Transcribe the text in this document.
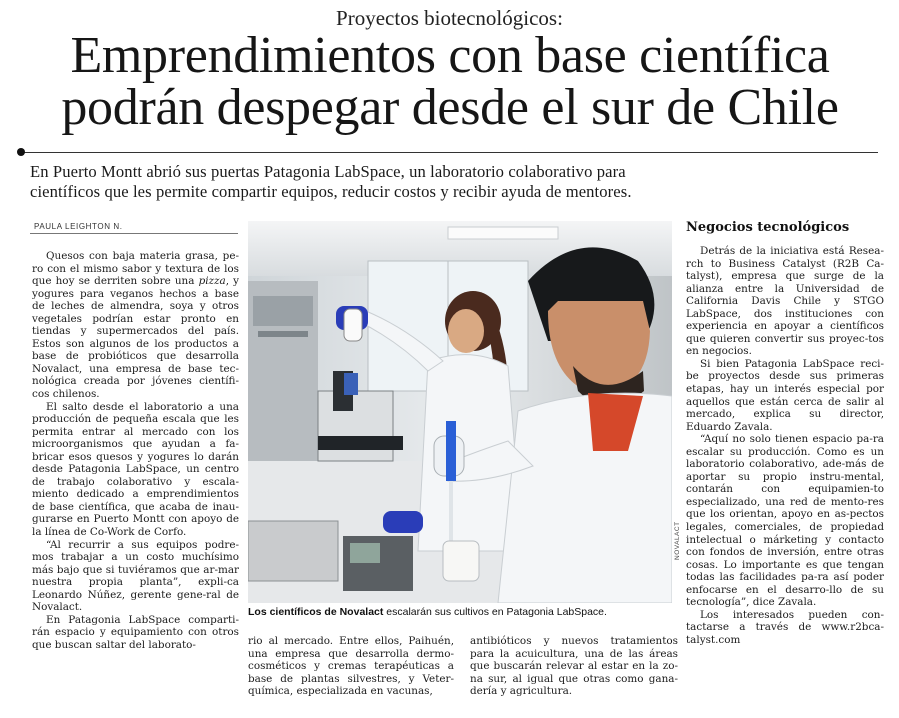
Proyectos biotecnológicos:
Emprendimientos con base científica
podrán despegar desde el sur de Chile
En Puerto Montt abrió sus puertas Patagonia LabSpace, un laboratorio colaborativo para
científicos que les permite compartir equipos, reducir costos y recibir ayuda de mentores.
PAULA LEIGHTON N.

Quesos con baja materia grasa, pe-ro con el mismo sabor y textura de los que hoy se derriten sobre una pizza, y yogures para veganos hechos a base de leches de almendra, soya y otros vegetales podrían estar pronto en tiendas y supermercados del país. Estos son algunos de los productos a base de probióticos que desarrolla Novalact, una empresa de base tec-nológica creada por jóvenes científi-cos chilenos.

El salto desde el laboratorio a una producción de pequeña escala que les permita entrar al mercado con los microorganismos que ayudan a fa-bricar esos quesos y yogures lo darán desde Patagonia LabSpace, un centro de trabajo colaborativo y escala-miento dedicado a emprendimientos de base científica, que acaba de inau-gurarse en Puerto Montt con apoyo de la línea de Co-Work de Corfo.

“Al recurrir a sus equipos podre-mos trabajar a un costo muchísimo más bajo que si tuviéramos que ar-mar nuestra propia planta”, expli-ca Leonardo Núñez, gerente gene-ral de Novalact.

En Patagonia LabSpace comparti-rán espacio y equipamiento con otros que buscan saltar del laborato-

NOVALACT
Los científicos de Novalact escalarán sus cultivos en Patagonia LabSpace.

rio al mercado. Entre ellos, Paihuén, una empresa que desarrolla dermo-cosméticos y cremas terapéuticas a base de plantas silvestres, y Veter-química, especializada en vacunas,

antibióticos y nuevos tratamientos para la acuicultura, una de las áreas que buscarán relevar al estar en la zo-na sur, al igual que otras como gana-dería y agricultura.

Negocios tecnológicos

Detrás de la iniciativa está Resea-rch to Business Catalyst (R2B Ca-talyst), empresa que surge de la alianza entre la Universidad de California Davis Chile y STGO LabSpace, dos instituciones con experiencia en apoyar a científicos que quieren convertir sus proyec-tos en negocios.

Si bien Patagonia LabSpace reci-be proyectos desde sus primeras etapas, hay un interés especial por aquellos que están cerca de salir al mercado, explica su director, Eduardo Zavala.

“Aquí no solo tienen espacio pa-ra escalar su producción. Como es un laboratorio colaborativo, ade-más de aportar su propio instru-mental, contarán con equipamien-to especializado, una red de mento-res que los orientan, apoyo en as-pectos legales, comerciales, de propiedad intelectual o márketing y contacto con fondos de inversión, entre otras cosas. Lo importante es que tengan todas las facilidades pa-ra así poder enfocarse en el desarro-llo de su tecnología”, dice Zavala.

Los interesados pueden con-tactarse a través de www.r2bca-talyst.com
